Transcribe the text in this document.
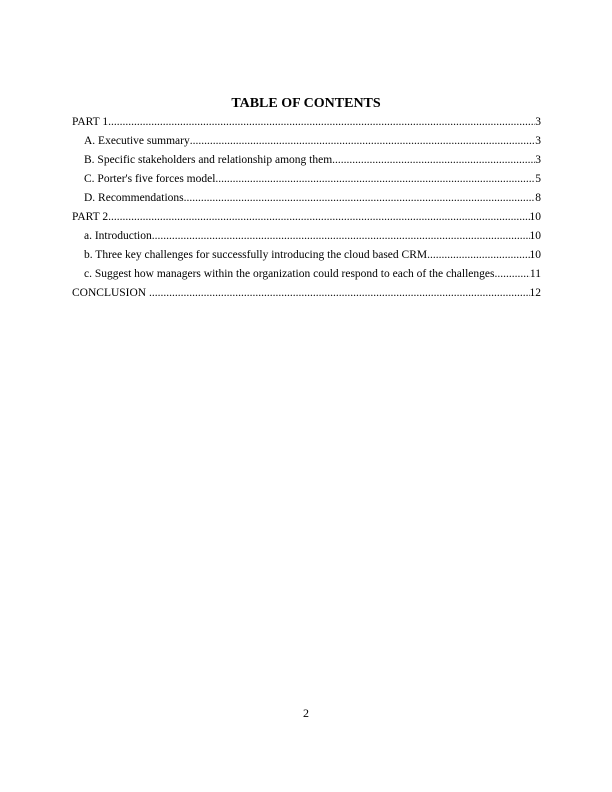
TABLE OF CONTENTS
PART 1 .....	3
A. Executive summary .....	3
B. Specific stakeholders and relationship among them .....	3
C. Porter's five forces model .....	5
D. Recommendations .....	8
PART 2 .....	10
a. Introduction .....	10
b. Three key challenges for successfully introducing the cloud based CRM .....	10
c. Suggest how managers within the organization could respond to each of the challenges .....	11
CONCLUSION .....	12
2
